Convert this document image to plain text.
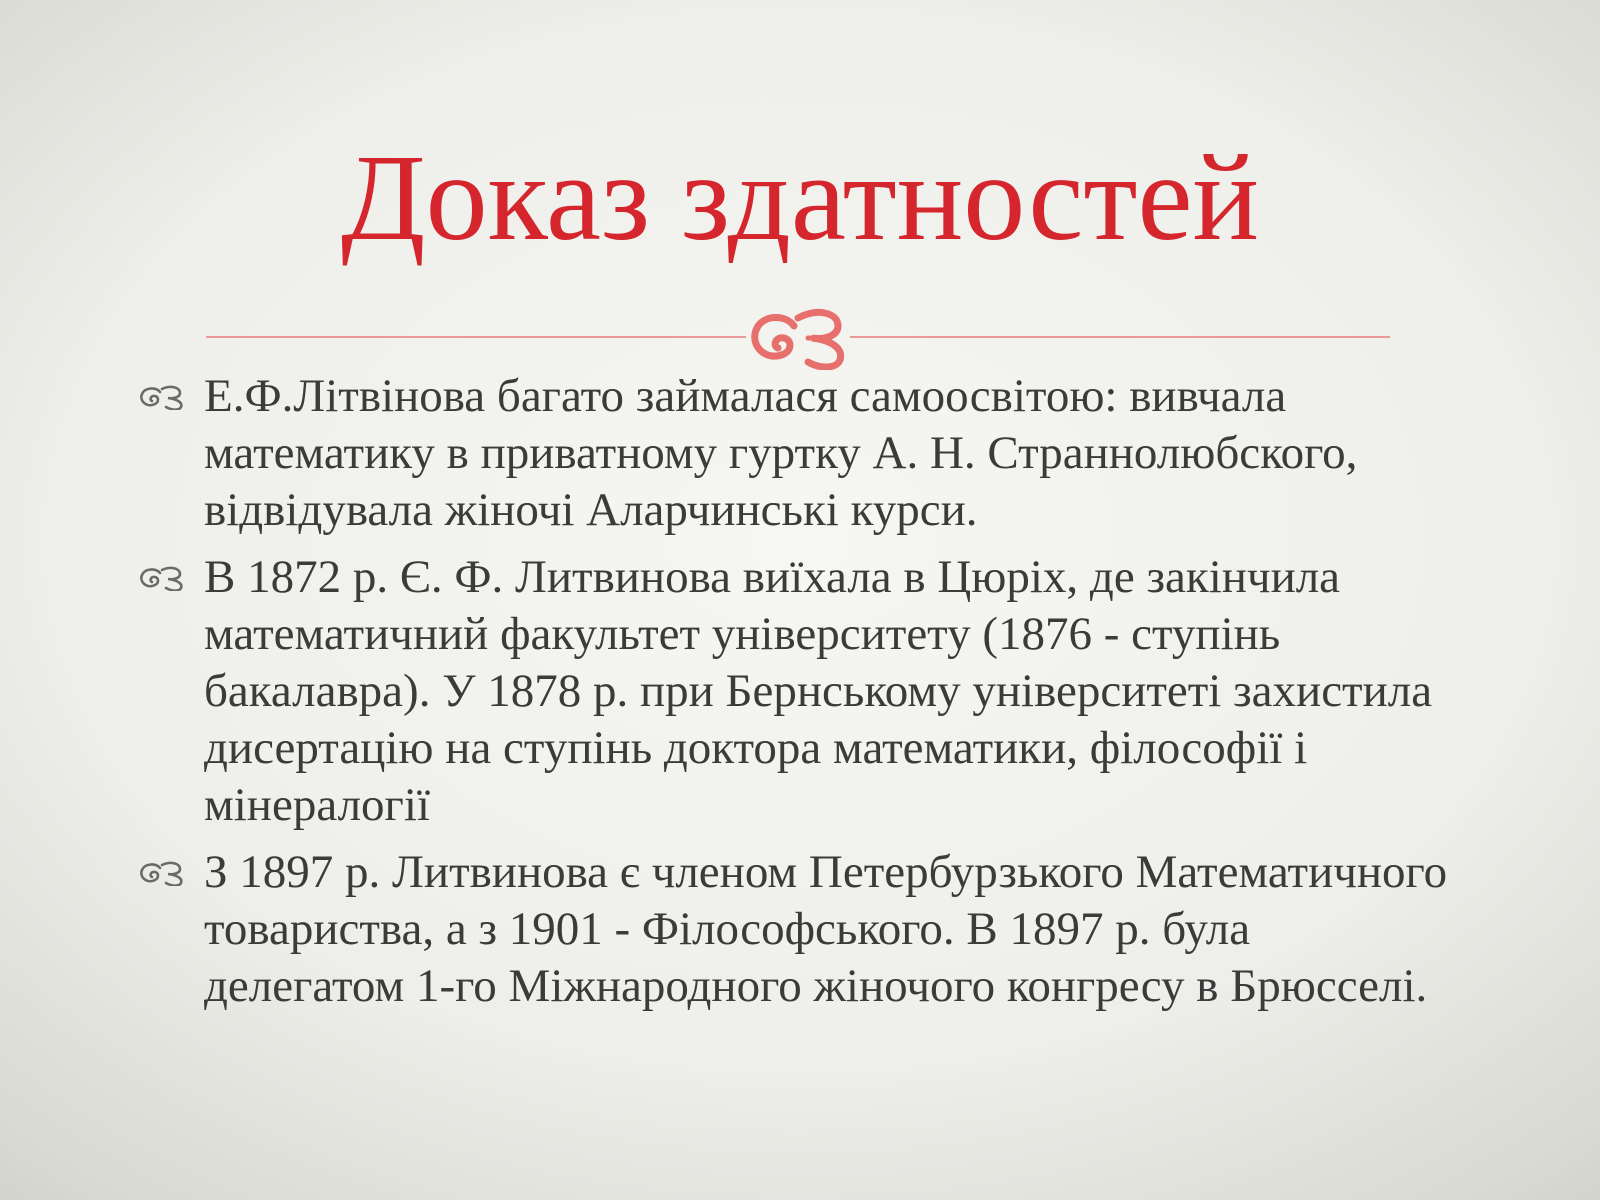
Доказ здатностей
Е.Ф.Літвінова багато займалася самоосвітою: вивчала математику в приватному гуртку А. Н. Страннолюбского, відвідувала жіночі Аларчинські курси.
В 1872 р. Є. Ф. Литвинова виїхала в Цюріх, де закінчила математичний факультет університету (1876 - ступінь бакалавра). У 1878 р. при Бернському університеті захистила дисертацію на ступінь доктора математики, філософії і мінералогії
З 1897 р. Литвинова є членом Петербурзького Математичного товариства, а з 1901 - Філософського. В 1897 р. була делегатом 1-го Міжнародного жіночого конгресу в Брюсселі.
